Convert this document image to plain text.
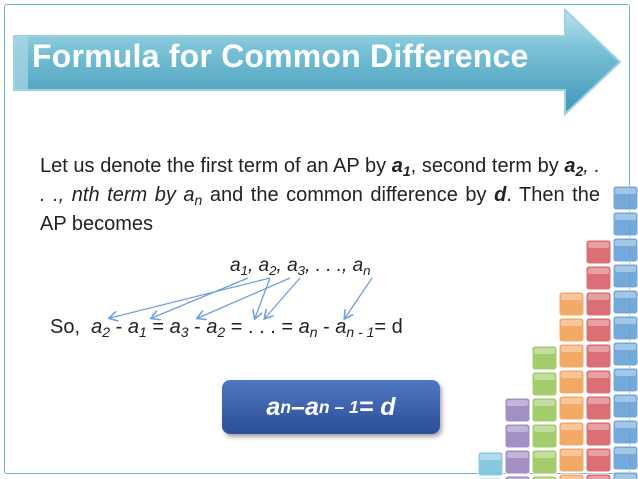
Formula for Common Difference
Let us denote the first term of an AP by $a_1$, second term by $a_2$, . . ., nth term by $a_n$ and the common difference by d. Then the AP becomes
$a_1$, $a_2$, $a_3$, . . ., $a_n$
So, $a_2 - a_1 = a_3 - a_2$ = . . . = $a_n - a_{n - 1}= d$
a n – a n – 1 = d
